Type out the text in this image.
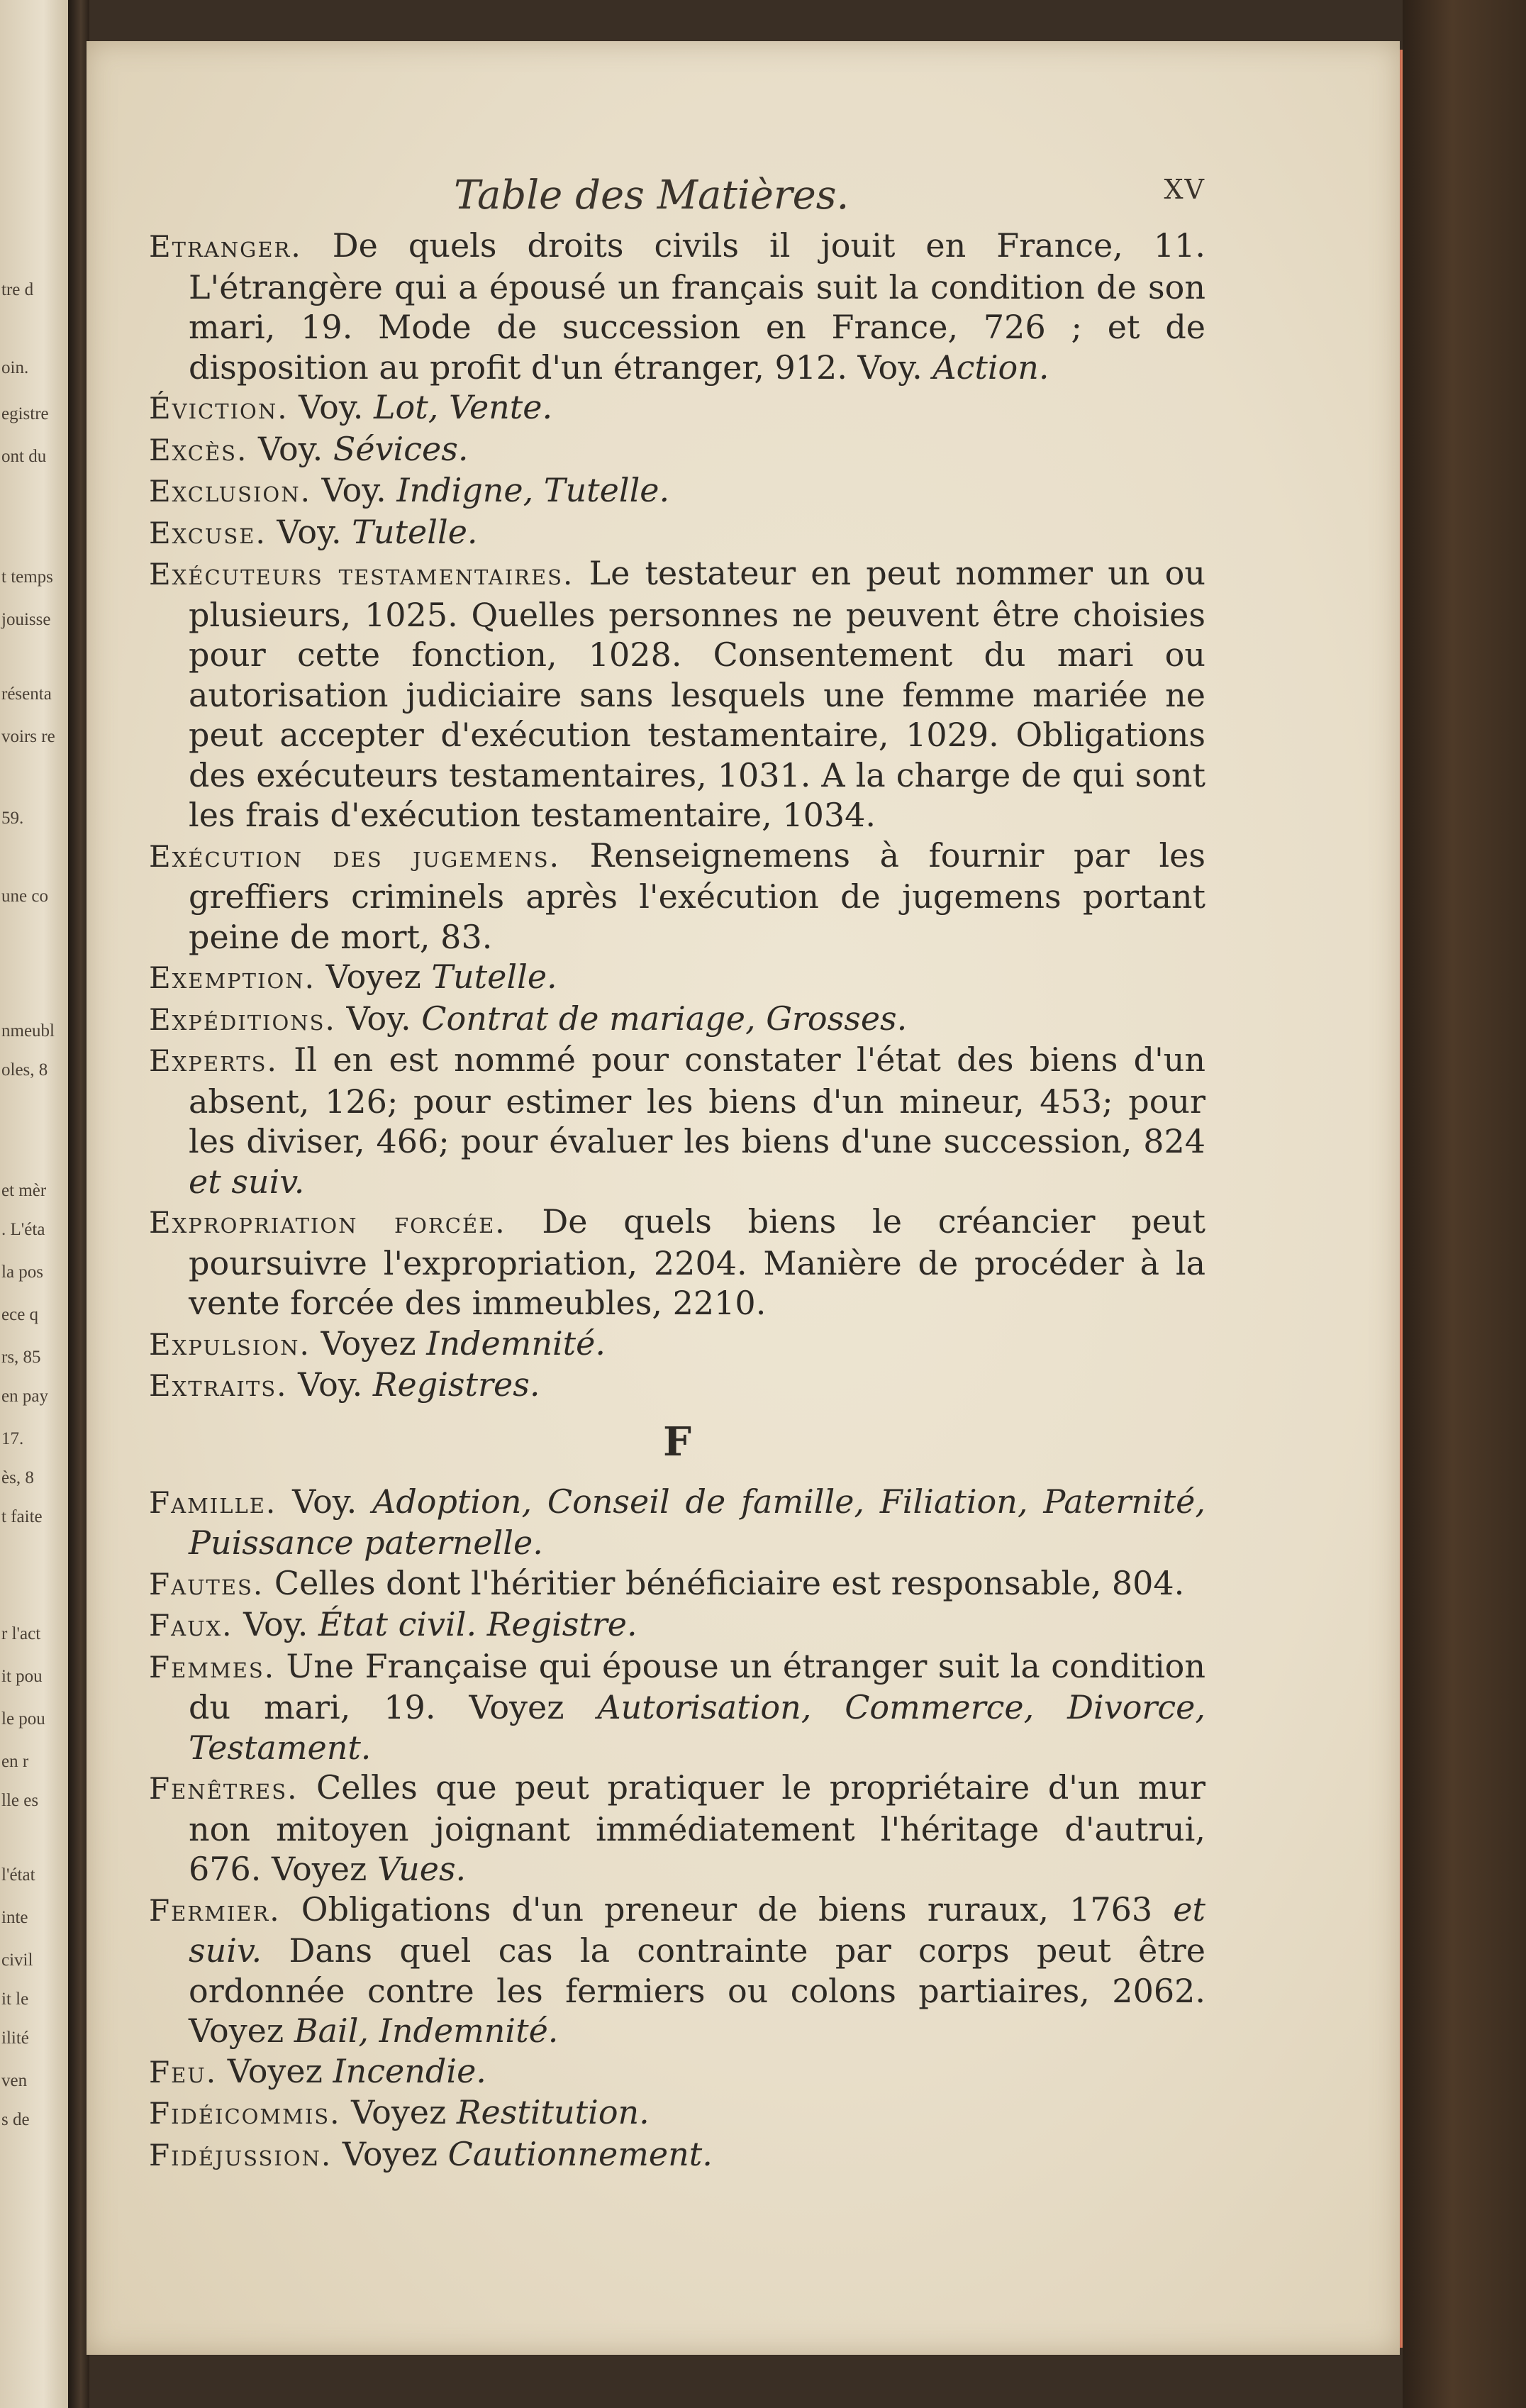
tre d
oin.
egistre
ont du
t temps
jouisse
résenta
voirs re
59.
une co
nmeubl
oles, 8
et mèr
. L'éta
la pos
ece q
rs, 85
en pay
17.
ès, 8
t faite
r l'act
it pou
le pou
en r
lle es
l'état
inte
civil
it le
ilité
ven
s de
Table des Matières.	XV
Etranger. De quels droits civils il jouit en France, 11. L'étrangère qui a épousé un français suit la condition de son mari, 19. Mode de succession en France, 726 ; et de disposition au profit d'un étranger, 912. Voy. Action.
Éviction. Voy. Lot, Vente.
Excès. Voy. Sévices.
Exclusion. Voy. Indigne, Tutelle.
Excuse. Voy. Tutelle.
Exécuteurs testamentaires. Le testateur en peut nommer un ou plusieurs, 1025. Quelles personnes ne peuvent être choisies pour cette fonction, 1028. Consentement du mari ou autorisation judiciaire sans lesquels une femme mariée ne peut accepter d'exécution testamentaire, 1029. Obligations des exécuteurs testamentaires, 1031. A la charge de qui sont les frais d'exécution testamentaire, 1034.
Exécution des jugemens. Renseignemens à fournir par les greffiers criminels après l'exécution de jugemens portant peine de mort, 83.
Exemption. Voyez Tutelle.
Expéditions. Voy. Contrat de mariage, Grosses.
Experts. Il en est nommé pour constater l'état des biens d'un absent, 126; pour estimer les biens d'un mineur, 453; pour les diviser, 466; pour évaluer les biens d'une succession, 824 et suiv.
Expropriation forcée. De quels biens le créancier peut poursuivre l'expropriation, 2204. Manière de procéder à la vente forcée des immeubles, 2210.
Expulsion. Voyez Indemnité.
Extraits. Voy. Registres.
F
Famille. Voy. Adoption, Conseil de famille, Filiation, Paternité, Puissance paternelle.
Fautes. Celles dont l'héritier bénéficiaire est responsable, 804.
Faux. Voy. État civil. Registre.
Femmes. Une Française qui épouse un étranger suit la condition du mari, 19. Voyez Autorisation, Commerce, Divorce, Testament.
Fenêtres. Celles que peut pratiquer le propriétaire d'un mur non mitoyen joignant immédiatement l'héritage d'autrui, 676. Voyez Vues.
Fermier. Obligations d'un preneur de biens ruraux, 1763 et suiv. Dans quel cas la contrainte par corps peut être ordonnée contre les fermiers ou colons partiaires, 2062. Voyez Bail, Indemnité.
Feu. Voyez Incendie.
Fidéicommis. Voyez Restitution.
Fidéjussion. Voyez Cautionnement.
